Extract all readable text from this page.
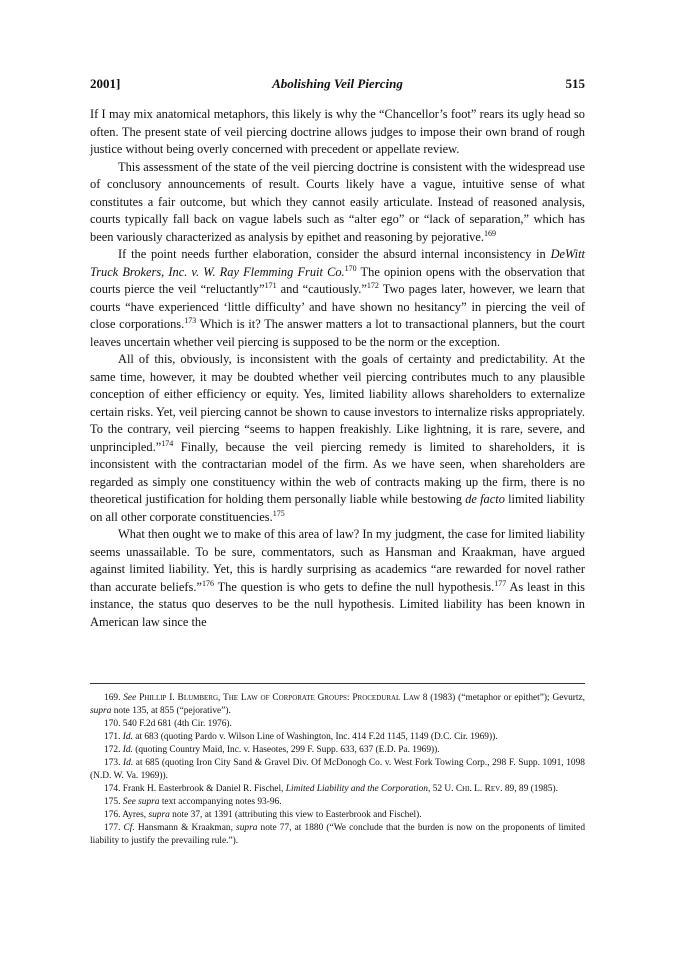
2001]	Abolishing Veil Piercing	515

If I may mix anatomical metaphors, this likely is why the “Chancellor’s foot” rears its ugly head so often. The present state of veil piercing doctrine allows judges to impose their own brand of rough justice without being overly concerned with precedent or appellate review.

This assessment of the state of the veil piercing doctrine is consistent with the widespread use of conclusory announcements of result. Courts likely have a vague, intuitive sense of what constitutes a fair outcome, but which they cannot easily articulate. Instead of reasoned analysis, courts typically fall back on vague labels such as “alter ego” or “lack of separation,” which has been variously characterized as analysis by epithet and reasoning by pejorative.$^{169}$

If the point needs further elaboration, consider the absurd internal inconsistency in DeWitt Truck Brokers, Inc. v. W. Ray Flemming Fruit Co.$^{170}$ The opinion opens with the observation that courts pierce the veil “reluctantly”$^{171}$ and “cautiously.”$^{172}$ Two pages later, however, we learn that courts “have experienced ‘little difficulty’ and have shown no hesitancy” in piercing the veil of close corporations.$^{173}$ Which is it? The answer matters a lot to transactional planners, but the court leaves uncertain whether veil piercing is supposed to be the norm or the exception.

All of this, obviously, is inconsistent with the goals of certainty and predictability. At the same time, however, it may be doubted whether veil piercing contributes much to any plausible conception of either efficiency or equity. Yes, limited liability allows shareholders to externalize certain risks. Yet, veil piercing cannot be shown to cause investors to internalize risks appropriately. To the contrary, veil piercing “seems to happen freakishly. Like lightning, it is rare, severe, and unprincipled.”$^{174}$ Finally, because the veil piercing remedy is limited to shareholders, it is inconsistent with the contractarian model of the firm. As we have seen, when shareholders are regarded as simply one constituency within the web of contracts making up the firm, there is no theoretical justification for holding them personally liable while bestowing de facto limited liability on all other corporate constituencies.$^{175}$

What then ought we to make of this area of law? In my judgment, the case for limited liability seems unassailable. To be sure, commentators, such as Hansman and Kraakman, have argued against limited liability. Yet, this is hardly surprising as academics “are rewarded for novel rather than accurate beliefs.”$^{176}$ The question is who gets to define the null hypothesis.$^{177}$ As least in this instance, the status quo deserves to be the null hypothesis. Limited liability has been known in American law since the

169. See Phillip I. Blumberg, The Law of Corporate Groups: Procedural Law 8 (1983) (“metaphor or epithet”); Gevurtz, supra note 135, at 855 (“pejorative”).

170. 540 F.2d 681 (4th Cir. 1976).

171. Id. at 683 (quoting Pardo v. Wilson Line of Washington, Inc. 414 F.2d 1145, 1149 (D.C. Cir. 1969)).

172. Id. (quoting Country Maid, Inc. v. Haseotes, 299 F. Supp. 633, 637 (E.D. Pa. 1969)).

173. Id. at 685 (quoting Iron City Sand & Gravel Div. Of McDonogh Co. v. West Fork Towing Corp., 298 F. Supp. 1091, 1098 (N.D. W. Va. 1969)).

174. Frank H. Easterbrook & Daniel R. Fischel, Limited Liability and the Corporation, 52 U. Chi. L. Rev. 89, 89 (1985).

175. See supra text accompanying notes 93-96.

176. Ayres, supra note 37, at 1391 (attributing this view to Easterbrook and Fischel).

177. Cf. Hansmann & Kraakman, supra note 77, at 1880 (“We conclude that the burden is now on the proponents of limited liability to justify the prevailing rule.”).
